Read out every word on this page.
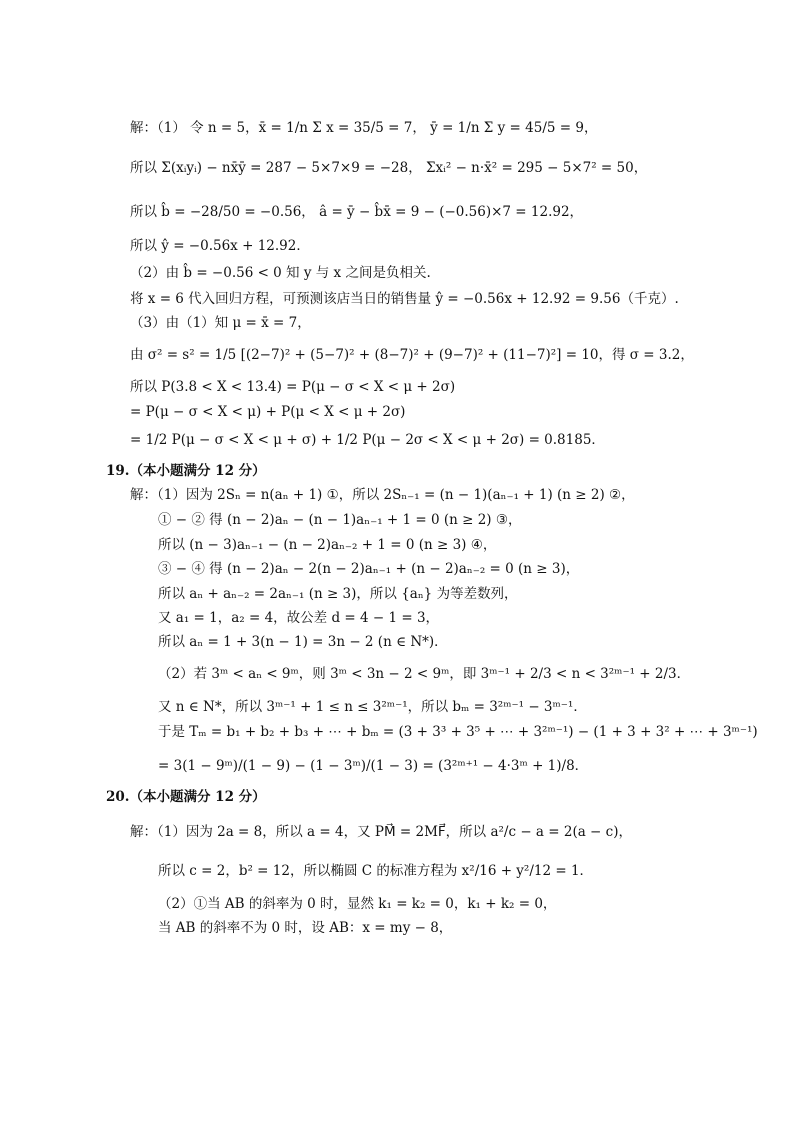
解：（1） 令 n = 5，x̄ = 1/n Σ x = 35/5 = 7， ȳ = 1/n Σ y = 45/5 = 9，
所以 Σ(xᵢyᵢ) − nx̄ȳ = 287 − 5×7×9 = −28， Σxᵢ² − n·x̄² = 295 − 5×7² = 50，
所以 b̂ = −28/50 = −0.56， â = ȳ − b̂x̄ = 9 − (−0.56)×7 = 12.92，
所以 ŷ = −0.56x + 12.92．
（2）由 b̂ = −0.56 < 0 知 y 与 x 之间是负相关.
将 x = 6 代入回归方程，可预测该店当日的销售量 ŷ = −0.56x + 12.92 = 9.56（千克）.
（3）由（1）知 μ = x̄ = 7，
由 σ² = s² = 1/5 [(2−7)² + (5−7)² + (8−7)² + (9−7)² + (11−7)²] = 10，得 σ = 3.2，
所以 P(3.8 < X < 13.4) = P(μ − σ < X < μ + 2σ)
= P(μ − σ < X < μ) + P(μ < X < μ + 2σ)
= 1/2 P(μ − σ < X < μ + σ) + 1/2 P(μ − 2σ < X < μ + 2σ) = 0.8185．
19.（本小题满分 12 分）
解：（1）因为 2Sₙ = n(aₙ + 1) ①，所以 2Sₙ₋₁ = (n − 1)(aₙ₋₁ + 1) (n ≥ 2) ②，
① − ② 得 (n − 2)aₙ − (n − 1)aₙ₋₁ + 1 = 0 (n ≥ 2) ③，
所以 (n − 3)aₙ₋₁ − (n − 2)aₙ₋₂ + 1 = 0 (n ≥ 3) ④，
③ − ④ 得 (n − 2)aₙ − 2(n − 2)aₙ₋₁ + (n − 2)aₙ₋₂ = 0 (n ≥ 3)，
所以 aₙ + aₙ₋₂ = 2aₙ₋₁ (n ≥ 3)，所以 {aₙ} 为等差数列，
又 a₁ = 1，a₂ = 4，故公差 d = 4 − 1 = 3，
所以 aₙ = 1 + 3(n − 1) = 3n − 2 (n ∈ N*)．
（2）若 3ᵐ < aₙ < 9ᵐ，则 3ᵐ < 3n − 2 < 9ᵐ，即 3ᵐ⁻¹ + 2/3 < n < 3²ᵐ⁻¹ + 2/3．
又 n ∈ N*，所以 3ᵐ⁻¹ + 1 ≤ n ≤ 3²ᵐ⁻¹，所以 bₘ = 3²ᵐ⁻¹ − 3ᵐ⁻¹．
于是 Tₘ = b₁ + b₂ + b₃ + ⋯ + bₘ = (3 + 3³ + 3⁵ + ⋯ + 3²ᵐ⁻¹) − (1 + 3 + 3² + ⋯ + 3ᵐ⁻¹)
= 3(1 − 9ᵐ)/(1 − 9) − (1 − 3ᵐ)/(1 − 3) = (3²ᵐ⁺¹ − 4·3ᵐ + 1)/8．
20.（本小题满分 12 分）
解：（1）因为 2a = 8，所以 a = 4，又 PM⃗ = 2MF⃗，所以 a²/c − a = 2(a − c)，
所以 c = 2，b² = 12，所以椭圆 C 的标准方程为 x²/16 + y²/12 = 1．
（2）①当 AB 的斜率为 0 时，显然 k₁ = k₂ = 0，k₁ + k₂ = 0，
当 AB 的斜率不为 0 时，设 AB：x = my − 8，
